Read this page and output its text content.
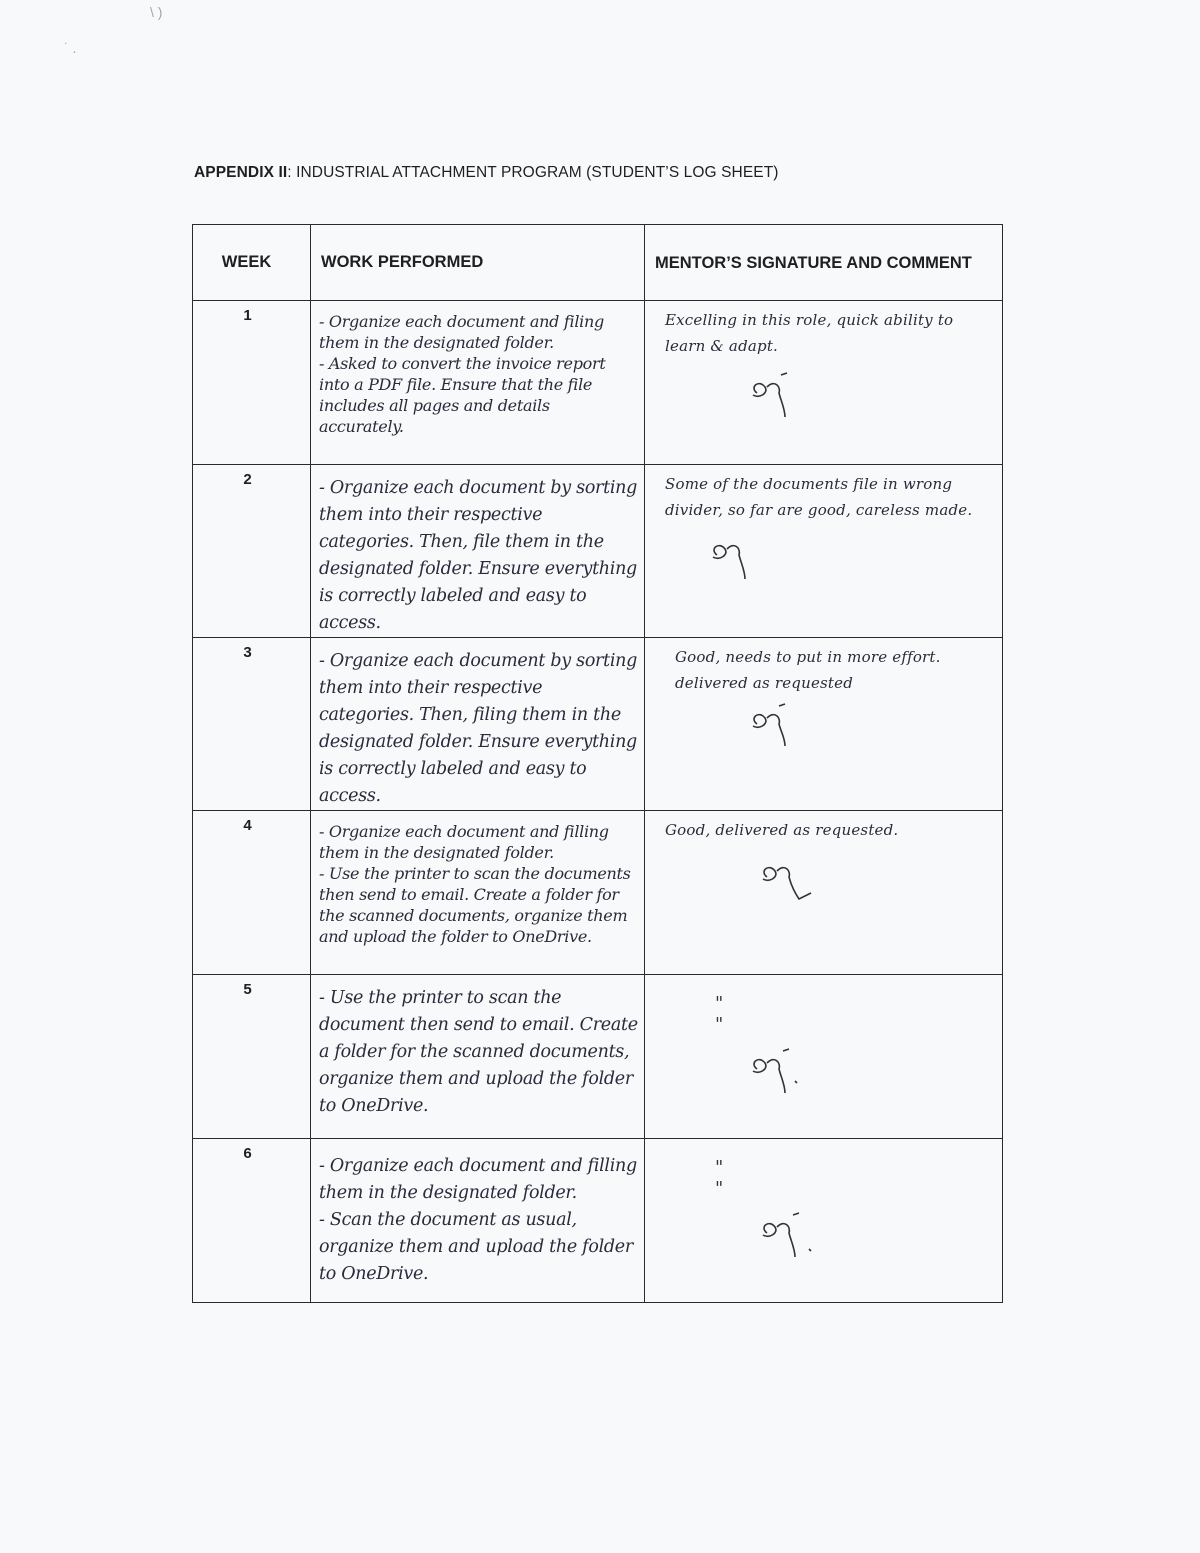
\ )
˙ .
APPENDIX II: INDUSTRIAL ATTACHMENT PROGRAM (STUDENT’S LOG SHEET)
WEEK	WORK PERFORMED	MENTOR’S SIGNATURE AND COMMENT

1	- Organize each document and filing them in the designated folder.
- Asked to convert the invoice report into a PDF file. Ensure that the file includes all pages and details accurately.	Excelling in this role, quick ability to learn & adapt.

2	- Organize each document by sorting them into their respective categories. Then, file them in the designated folder. Ensure everything is correctly labeled and easy to access.	Some of the documents file in wrong divider, so far are good, careless made.

3	- Organize each document by sorting them into their respective categories. Then, filing them in the designated folder. Ensure everything is correctly labeled and easy to access.	Good, needs to put in more effort. delivered as requested

4	- Organize each document and filling them in the designated folder.
- Use the printer to scan the documents then send to email. Create a folder for the scanned documents, organize them and upload the folder to OneDrive.	Good, delivered as requested.

5	- Use the printer to scan the document then send to email. Create a folder for the scanned documents, organize them and upload the folder to OneDrive.	" "

6	- Organize each document and filling them in the designated folder.
- Scan the document as usual, organize them and upload the folder to OneDrive.	" "
